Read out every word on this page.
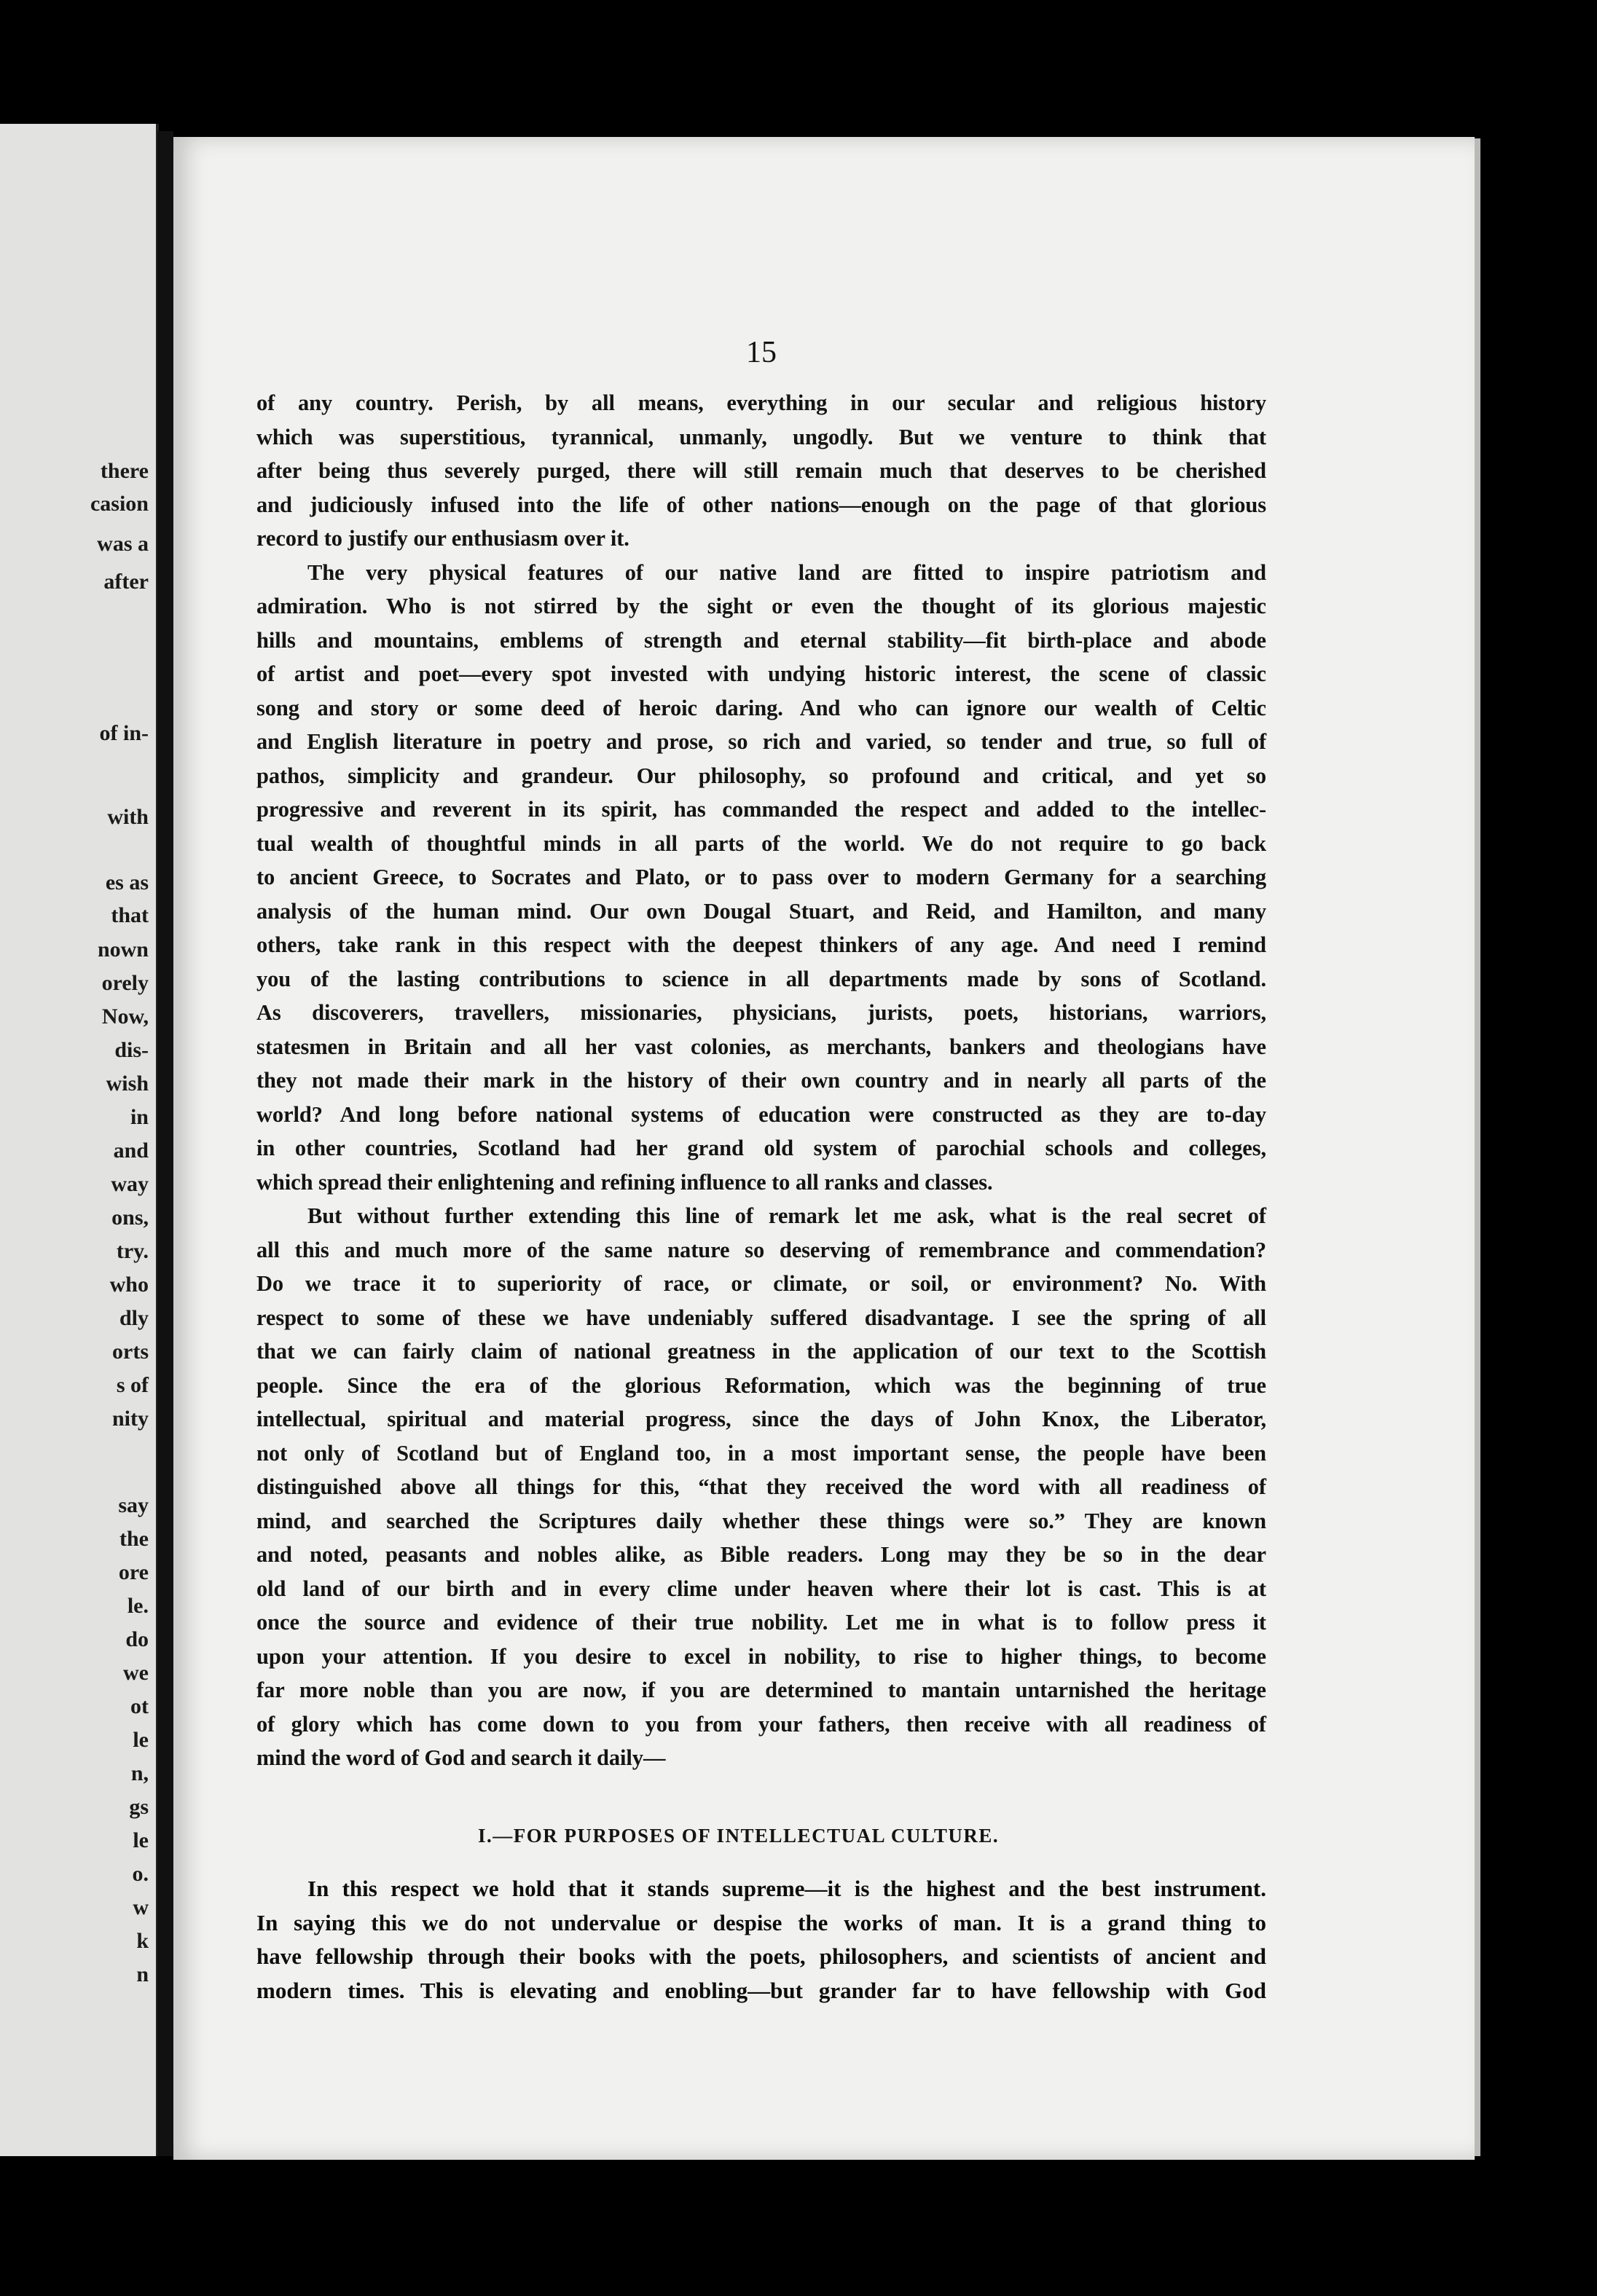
there
casion
was a
after
of in-
with
es as
that
nown
orely
Now,
dis-
wish
in
and
way
ons,
try.
who
dly
orts
s of
nity
say
the
ore
le.
do
we
ot
le
n,
gs
le
o.
w
k
n
15
of any country. Perish, by all means, everything in our secular and religious history
which was superstitious, tyrannical, unmanly, ungodly. But we venture to think that
after being thus severely purged, there will still remain much that deserves to be cherished
and judiciously infused into the life of other nations—enough on the page of that glorious
record to justify our enthusiasm over it.
The very physical features of our native land are fitted to inspire patriotism and
admiration. Who is not stirred by the sight or even the thought of its glorious majestic
hills and mountains, emblems of strength and eternal stability—fit birth-place and abode
of artist and poet—every spot invested with undying historic interest, the scene of classic
song and story or some deed of heroic daring. And who can ignore our wealth of Celtic
and English literature in poetry and prose, so rich and varied, so tender and true, so full of
pathos, simplicity and grandeur. Our philosophy, so profound and critical, and yet so
progressive and reverent in its spirit, has commanded the respect and added to the intellec-
tual wealth of thoughtful minds in all parts of the world. We do not require to go back
to ancient Greece, to Socrates and Plato, or to pass over to modern Germany for a searching
analysis of the human mind. Our own Dougal Stuart, and Reid, and Hamilton, and many
others, take rank in this respect with the deepest thinkers of any age. And need I remind
you of the lasting contributions to science in all departments made by sons of Scotland.
As discoverers, travellers, missionaries, physicians, jurists, poets, historians, warriors,
statesmen in Britain and all her vast colonies, as merchants, bankers and theologians have
they not made their mark in the history of their own country and in nearly all parts of the
world? And long before national systems of education were constructed as they are to-day
in other countries, Scotland had her grand old system of parochial schools and colleges,
which spread their enlightening and refining influence to all ranks and classes.
But without further extending this line of remark let me ask, what is the real secret of
all this and much more of the same nature so deserving of remembrance and commendation?
Do we trace it to superiority of race, or climate, or soil, or environment? No. With
respect to some of these we have undeniably suffered disadvantage. I see the spring of all
that we can fairly claim of national greatness in the application of our text to the Scottish
people. Since the era of the glorious Reformation, which was the beginning of true
intellectual, spiritual and material progress, since the days of John Knox, the Liberator,
not only of Scotland but of England too, in a most important sense, the people have been
distinguished above all things for this, “that they received the word with all readiness of
mind, and searched the Scriptures daily whether these things were so.” They are known
and noted, peasants and nobles alike, as Bible readers. Long may they be so in the dear
old land of our birth and in every clime under heaven where their lot is cast. This is at
once the source and evidence of their true nobility. Let me in what is to follow press it
upon your attention. If you desire to excel in nobility, to rise to higher things, to become
far more noble than you are now, if you are determined to mantain untarnished the heritage
of glory which has come down to you from your fathers, then receive with all readiness of
mind the word of God and search it daily—
I.—FOR PURPOSES OF INTELLECTUAL CULTURE.
In this respect we hold that it stands supreme—it is the highest and the best instrument.
In saying this we do not undervalue or despise the works of man. It is a grand thing to
have fellowship through their books with the poets, philosophers, and scientists of ancient and
modern times. This is elevating and enobling—but grander far to have fellowship with God
